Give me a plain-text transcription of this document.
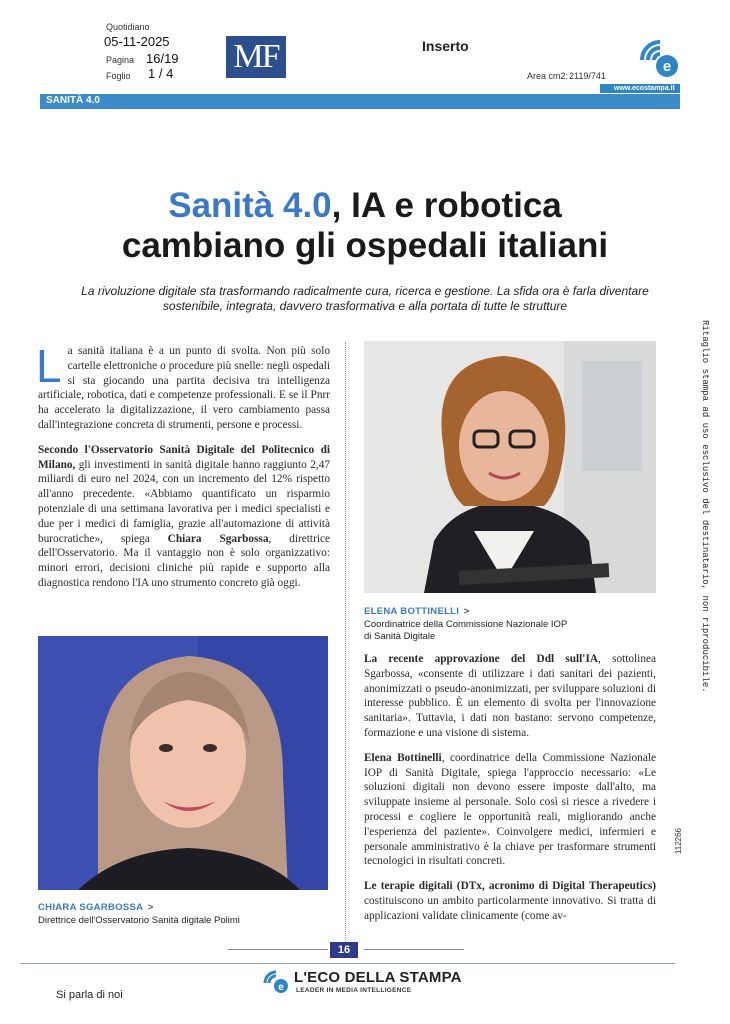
Quotidiano
05-11-2025
Pagina 16/19
Foglio 1 / 4 MF	Inserto
Area cm2: 2119/741
e
www.ecostampa.it
SANITÀ 4.0
Sanità 4.0, IA e robotica
cambiano gli ospedali italiani
La rivoluzione digitale sta trasformando radicalmente cura, ricerca e gestione. La sfida ora è farla diventare
sostenibile, integrata, davvero trasformativa e alla portata di tutte le strutture

La sanità italiana è a un punto di svolta. Non più solo cartelle elettroniche o procedure più snelle: negli ospedali si sta giocando una partita decisiva tra intelligenza artificiale, robotica, dati e competenze professionali. E se il Pnrr ha accelerato la digitalizzazione, il vero cambiamento passa dall'integrazione concreta di strumenti, persone e processi.

Secondo l'Osservatorio Sanità Digitale del Politecnico di Milano, gli investimenti in sanità digitale hanno raggiunto 2,47 miliardi di euro nel 2024, con un incremento del 12% rispetto all'anno precedente. «Abbiamo quantificato un risparmio potenziale di una settimana lavorativa per i medici specialisti e due per i medici di famiglia, grazie all'automazione di attività burocratiche», spiega Chiara Sgarbossa, direttrice dell'Osservatorio. Ma il vantaggio non è solo organizzativo: minori errori, decisioni cliniche più rapide e supporto alla diagnostica rendono l'IA uno strumento concreto già oggi.

CHIARA SGARBOSSA >
Direttrice dell'Osservatorio Sanità digitale Polimi
ELENA BOTTINELLI >
Coordinatrice della Commissione Nazionale IOP
di Sanità Digitale

La recente approvazione del Ddl sull'IA, sottolinea Sgarbossa, «consente di utilizzare i dati sanitari dei pazienti, anonimizzati o pseudo-anonimizzati, per sviluppare soluzioni di interesse pubblico. È un elemento di svolta per l'innovazione sanitaria». Tuttavia, i dati non bastano: servono competenze, formazione e una visione di sistema.

Elena Bottinelli, coordinatrice della Commissione Nazionale IOP di Sanità Digitale, spiega l'approccio necessario: «Le soluzioni digitali non devono essere imposte dall'alto, ma sviluppate insieme al personale. Solo così si riesce a rivedere i processi e cogliere le opportunità reali, migliorando anche l'esperienza del paziente». Coinvolgere medici, infermieri e personale amministrativo è la chiave per trasformare strumenti tecnologici in risultati concreti.

Le terapie digitali (DTx, acronimo di Digital Therapeutics) costituiscono un ambito particolarmente innovativo. Si tratta di applicazioni validate clinicamente (come av-

Ritaglio stampa ad uso esclusivo del destinatario, non riproducibile.
112266
16
e
L'ECO DELLA STAMPA
LEADER IN MEDIA INTELLIGENCE
Si parla di noi
